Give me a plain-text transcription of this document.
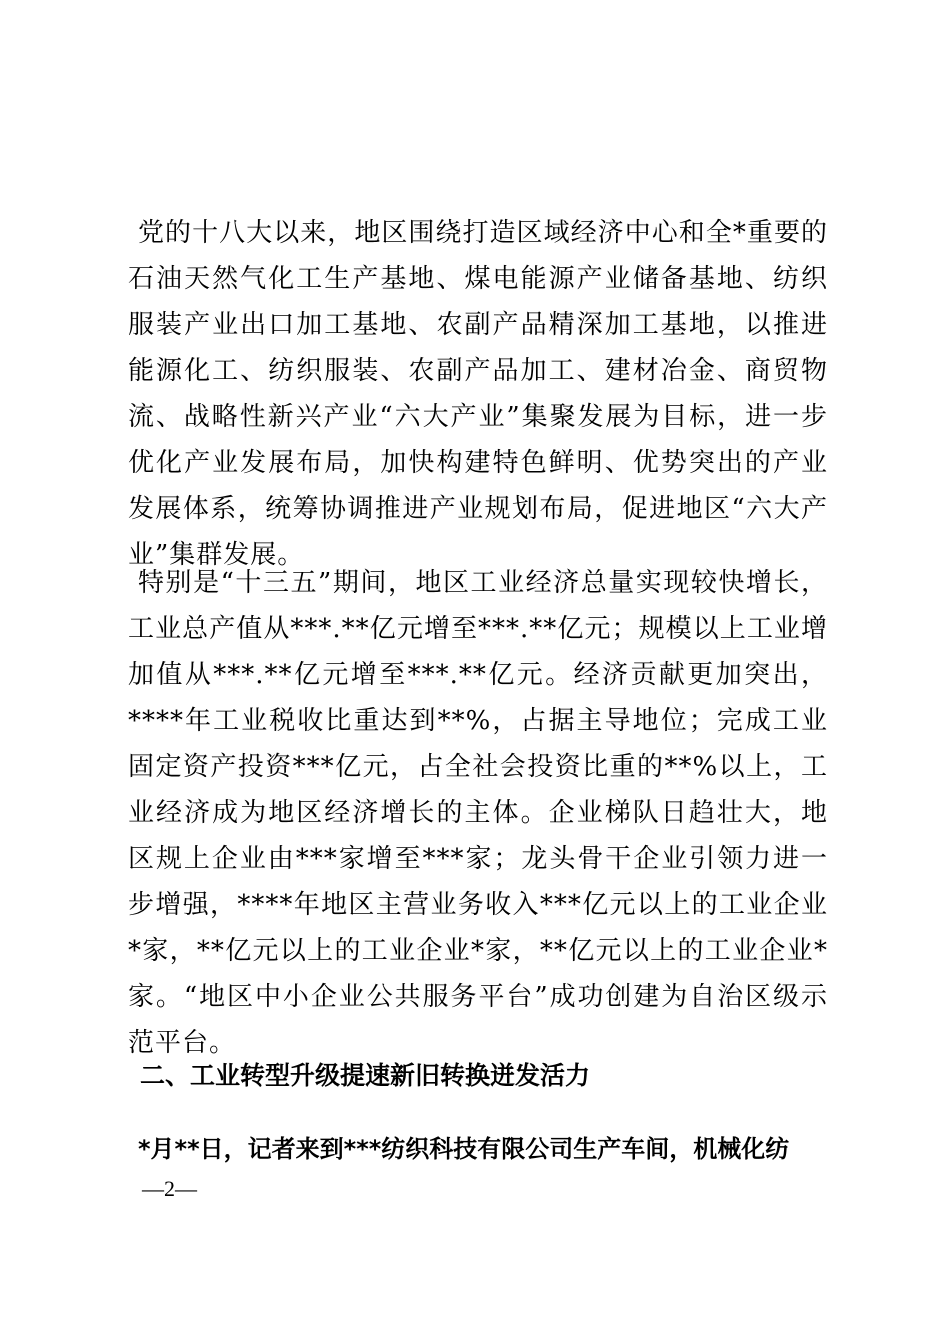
党的十八大以来，地区围绕打造区域经济中心和全*重要的石油天然气化工生产基地、煤电能源产业储备基地、纺织服装产业出口加工基地、农副产品精深加工基地，以推进能源化工、纺织服装、农副产品加工、建材冶金、商贸物流、战略性新兴产业“六大产业”集聚发展为目标，进一步优化产业发展布局，加快构建特色鲜明、优势突出的产业发展体系，统筹协调推进产业规划布局，促进地区“六大产业”集群发展。

特别是“十三五”期间，地区工业经济总量实现较快增长，工业总产值从***.**亿元增至***.**亿元；规模以上工业增加值从***.**亿元增至***.**亿元。经济贡献更加突出，****年工业税收比重达到**%，占据主导地位；完成工业固定资产投资***亿元，占全社会投资比重的**%以上，工业经济成为地区经济增长的主体。企业梯队日趋壮大，地区规上企业由***家增至***家；龙头骨干企业引领力进一步增强，****年地区主营业务收入***亿元以上的工业企业*家，**亿元以上的工业企业*家，**亿元以上的工业企业*家。“地区中小企业公共服务平台”成功创建为自治区级示范平台。

二、工业转型升级提速新旧转换迸发活力

*月**日，记者来到***纺织科技有限公司生产车间，机械化纺

—2—
